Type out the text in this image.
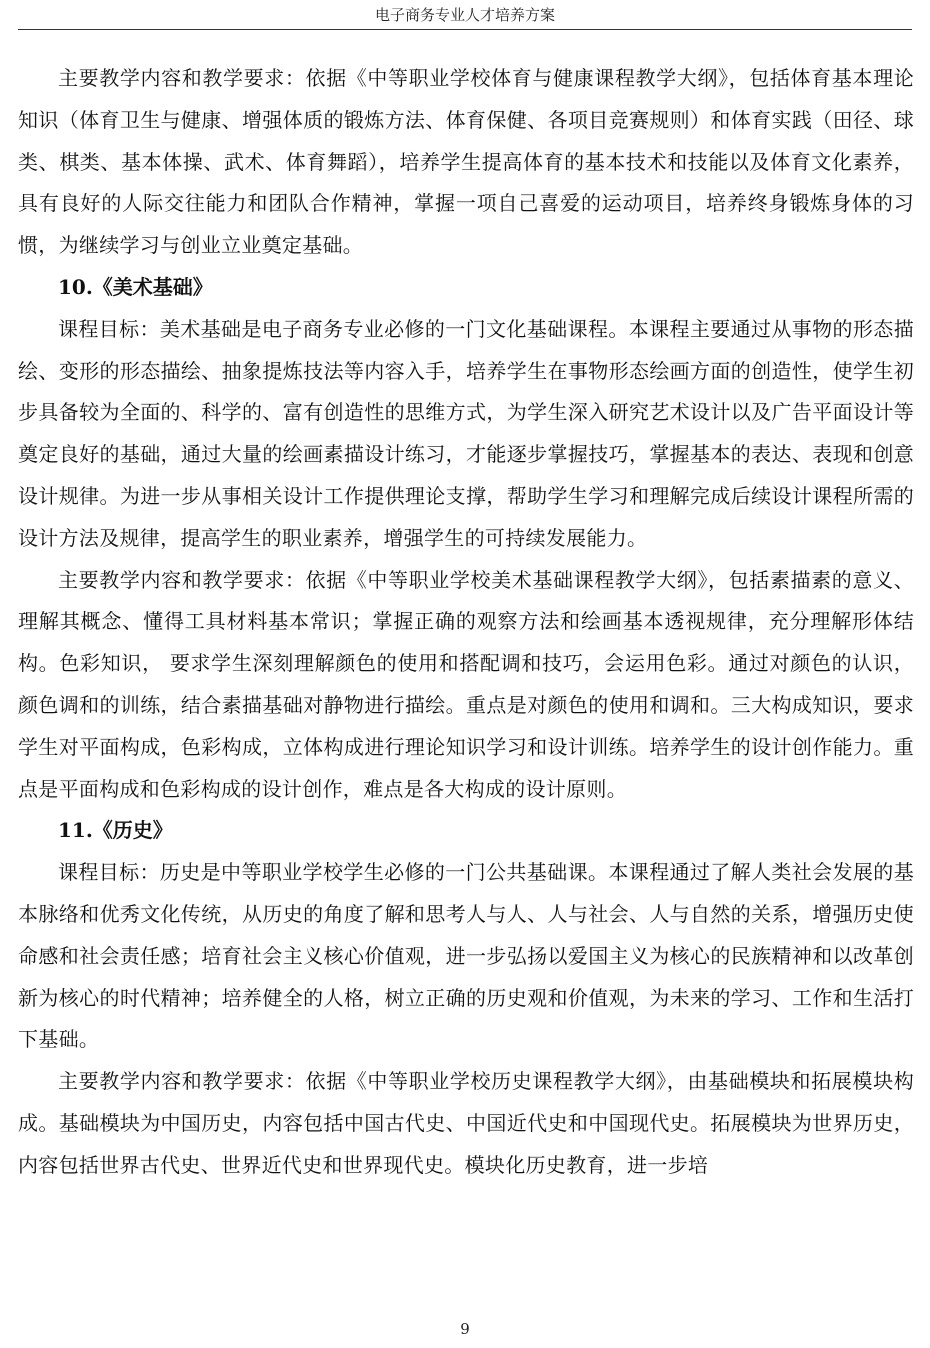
电子商务专业人才培养方案

主要教学内容和教学要求：依据《中等职业学校体育与健康课程教学大纲》，包括体育基本理论知识（体育卫生与健康、增强体质的锻炼方法、体育保健、各项目竞赛规则）和体育实践（田径、球类、棋类、基本体操、武术、体育舞蹈），培养学生提高体育的基本技术和技能以及体育文化素养，具有良好的人际交往能力和团队合作精神，掌握一项自己喜爱的运动项目，培养终身锻炼身体的习惯，为继续学习与创业立业奠定基础。

10.《美术基础》

课程目标：美术基础是电子商务专业必修的一门文化基础课程。本课程主要通过从事物的形态描绘、变形的形态描绘、抽象提炼技法等内容入手，培养学生在事物形态绘画方面的创造性，使学生初步具备较为全面的、科学的、富有创造性的思维方式，为学生深入研究艺术设计以及广告平面设计等奠定良好的基础，通过大量的绘画素描设计练习，才能逐步掌握技巧，掌握基本的表达、表现和创意设计规律。为进一步从事相关设计工作提供理论支撑，帮助学生学习和理解完成后续设计课程所需的设计方法及规律，提高学生的职业素养，增强学生的可持续发展能力。

主要教学内容和教学要求：依据《中等职业学校美术基础课程教学大纲》，包括素描素的意义、理解其概念、懂得工具材料基本常识；掌握正确的观察方法和绘画基本透视规律，充分理解形体结构。色彩知识， 要求学生深刻理解颜色的使用和搭配调和技巧，会运用色彩。通过对颜色的认识，颜色调和的训练，结合素描基础对静物进行描绘。重点是对颜色的使用和调和。三大构成知识，要求学生对平面构成，色彩构成，立体构成进行理论知识学习和设计训练。培养学生的设计创作能力。重点是平面构成和色彩构成的设计创作，难点是各大构成的设计原则。

11.《历史》

课程目标：历史是中等职业学校学生必修的一门公共基础课。本课程通过了解人类社会发展的基本脉络和优秀文化传统，从历史的角度了解和思考人与人、人与社会、人与自然的关系，增强历史使命感和社会责任感；培育社会主义核心价值观，进一步弘扬以爱国主义为核心的民族精神和以改革创新为核心的时代精神；培养健全的人格，树立正确的历史观和价值观，为未来的学习、工作和生活打下基础。

主要教学内容和教学要求：依据《中等职业学校历史课程教学大纲》，由基础模块和拓展模块构成。基础模块为中国历史，内容包括中国古代史、中国近代史和中国现代史。拓展模块为世界历史，内容包括世界古代史、世界近代史和世界现代史。模块化历史教育，进一步培

9
